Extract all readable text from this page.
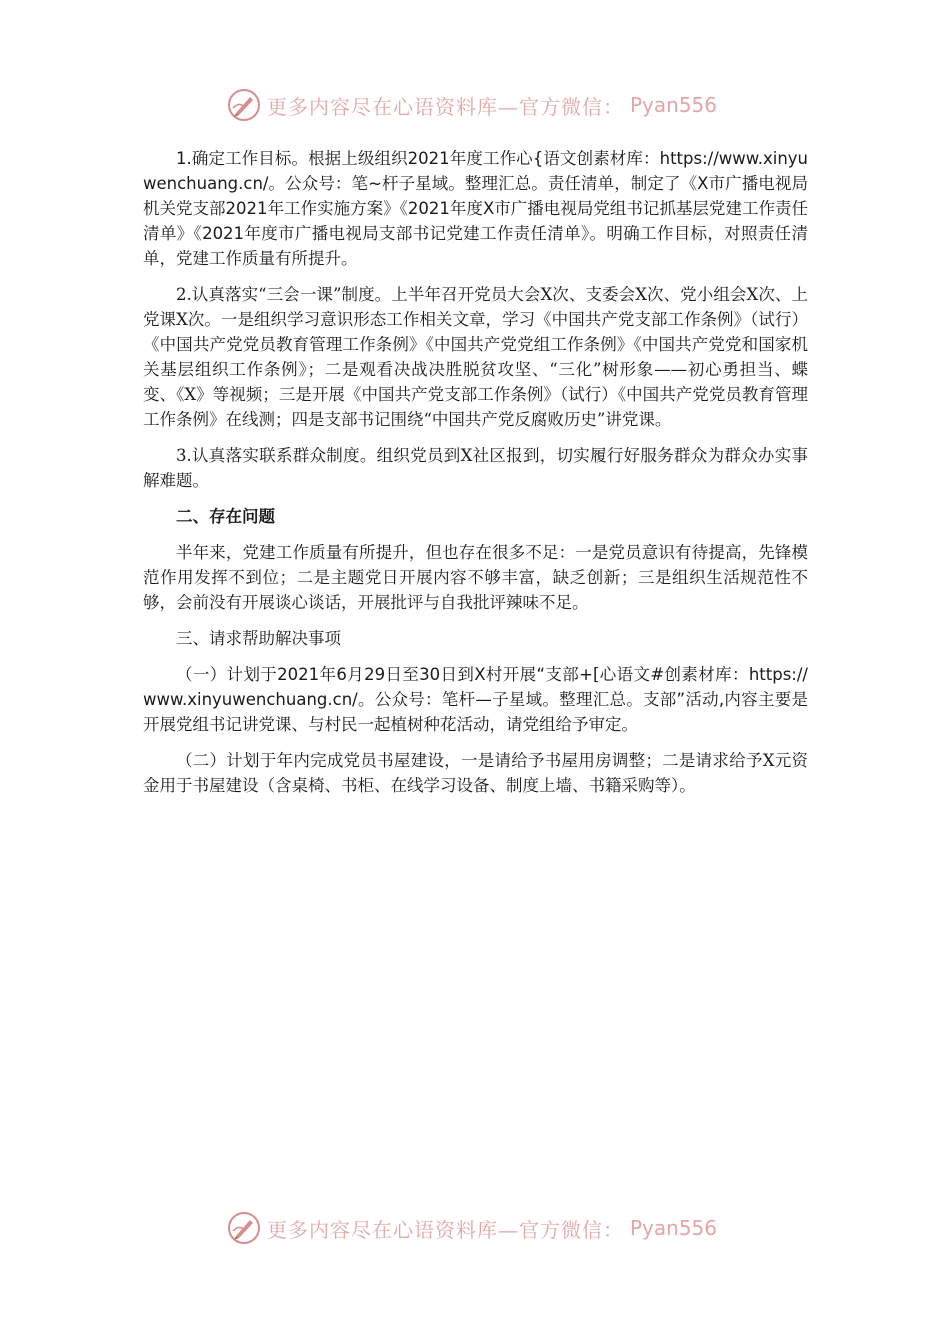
更多内容尽在心语资料库—官方微信： Pyan556

1.确定工作目标。根据上级组织2021年度工作心{语文创素材库：https://www.xinyuwenchuang.cn/。公众号：笔~杆子星域。整理汇总。责任清单，制定了《X市广播电视局机关党支部2021年工作实施方案》《2021年度X市广播电视局党组书记抓基层党建工作责任清单》《2021年度市广播电视局支部书记党建工作责任清单》。明确工作目标，对照责任清单，党建工作质量有所提升。

2.认真落实“三会一课”制度。上半年召开党员大会X次、支委会X次、党小组会X次、上党课X次。一是组织学习意识形态工作相关文章，学习《中国共产党支部工作条例》（试行）《中国共产党党员教育管理工作条例》《中国共产党党组工作条例》《中国共产党党和国家机关基层组织工作条例》；二是观看决战决胜脱贫攻坚、“三化”树形象——初心勇担当、蝶变、《X》等视频；三是开展《中国共产党支部工作条例》（试行）《中国共产党党员教育管理工作条例》在线测；四是支部书记围绕“中国共产党反腐败历史”讲党课。

3.认真落实联系群众制度。组织党员到X社区报到，切实履行好服务群众为群众办实事解难题。

二、存在问题

半年来，党建工作质量有所提升，但也存在很多不足：一是党员意识有待提高，先锋模范作用发挥不到位；二是主题党日开展内容不够丰富，缺乏创新；三是组织生活规范性不够，会前没有开展谈心谈话，开展批评与自我批评辣味不足。

三、请求帮助解决事项

（一）计划于2021年6月29日至30日到X村开展“支部+[心语文#创素材库：https://www.xinyuwenchuang.cn/。公众号：笔杆—子星域。整理汇总。支部”活动,内容主要是开展党组书记讲党课、与村民一起植树种花活动，请党组给予审定。

（二）计划于年内完成党员书屋建设，一是请给予书屋用房调整；二是请求给予X元资金用于书屋建设（含桌椅、书柜、在线学习设备、制度上墙、书籍采购等）。

更多内容尽在心语资料库—官方微信： Pyan556
